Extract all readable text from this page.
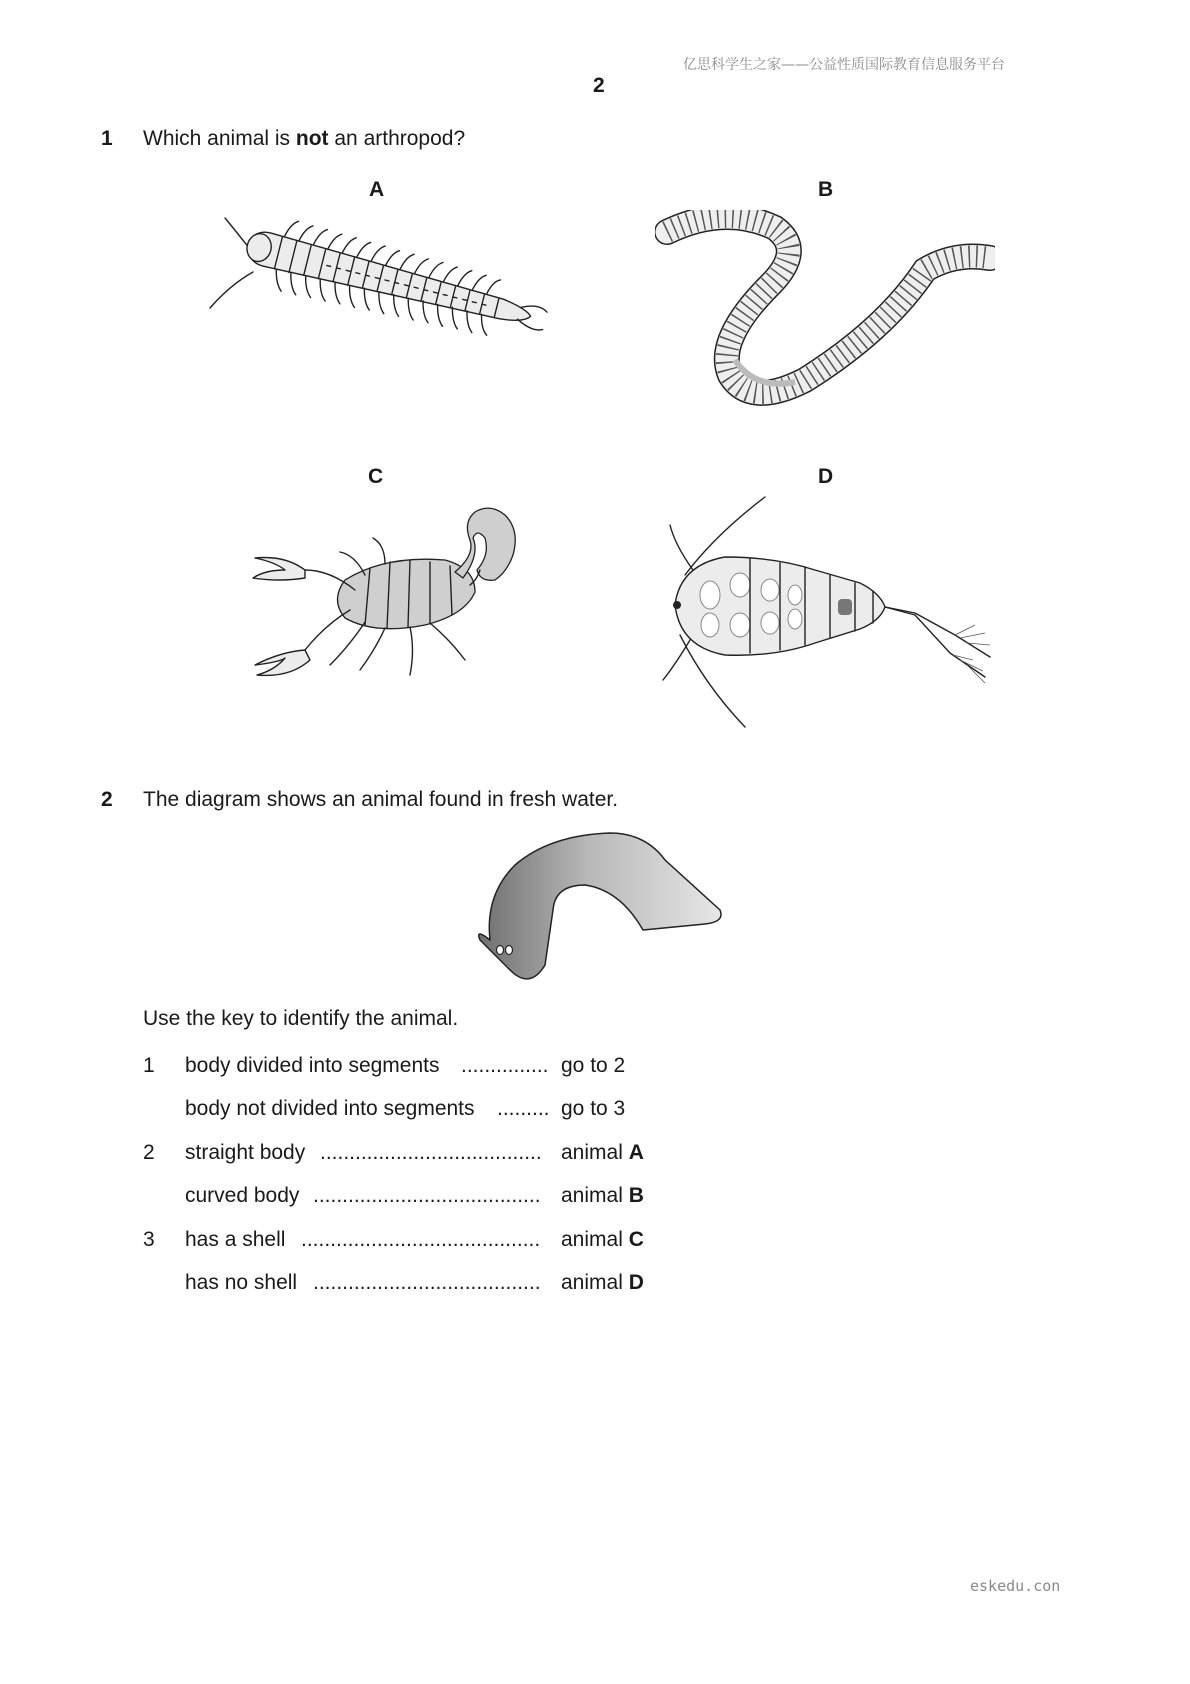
亿思科学生之家——公益性质国际教育信息服务平台
2
1 Which animal is not an arthropod?
A	B
C	D
2 The diagram shows an animal found in fresh water.
Use the key to identify the animal.
1 body divided into segments ............... go to 2
body not divided into segments ......... go to 3
2 straight body ...................................... animal A
curved body ....................................... animal B
3 has a shell ......................................... animal C
has no shell ....................................... animal D
eskedu.con
